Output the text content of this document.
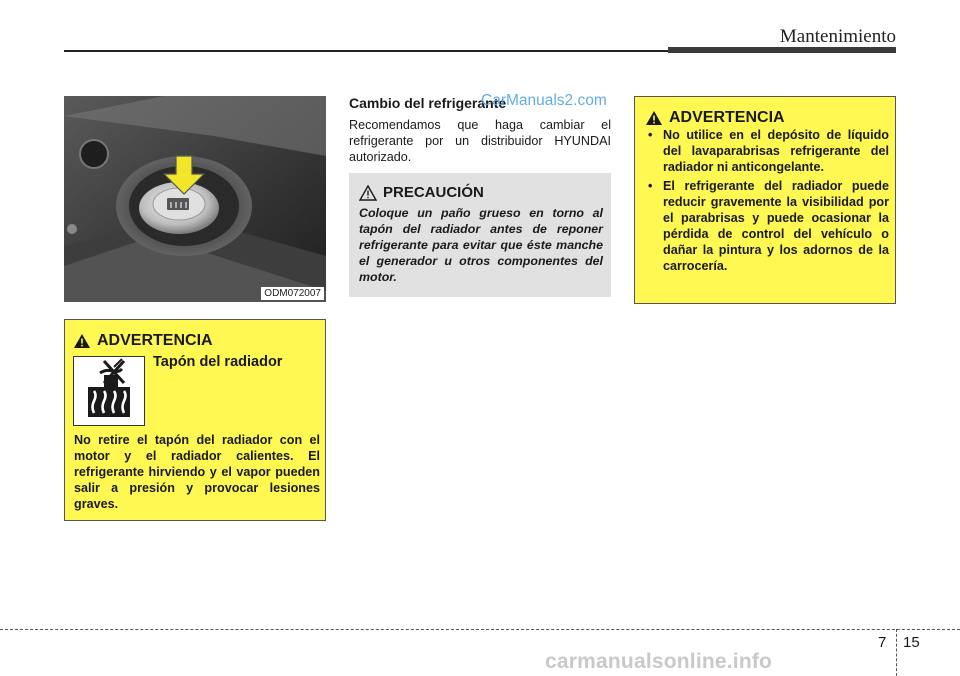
Mantenimiento
ODM072007
ADVERTENCIA
Tapón del radiador
No retire el tapón del radiador con el motor y el radiador calientes. El refrigerante hirviendo y el vapor pueden salir a presión y provocar lesiones graves.
Cambio del refrigerante
CarManuals2.com
Recomendamos que haga cambiar el refrigerante por un distribuidor HYUNDAI autorizado.
PRECAUCIÓN
Coloque un paño grueso en torno al tapón del radiador antes de reponer refrigerante para evitar que éste manche el generador u otros componentes del motor.
ADVERTENCIA
• No utilice en el depósito de líquido del lavaparabrisas refrigerante del radiador ni anticongelante.
• El refrigerante del radiador puede reducir gravemente la visibilidad por el parabrisas y puede ocasionar la pérdida de control del vehículo o dañar la pintura y los adornos de la carrocería.
7 15
carmanualsonline.info
